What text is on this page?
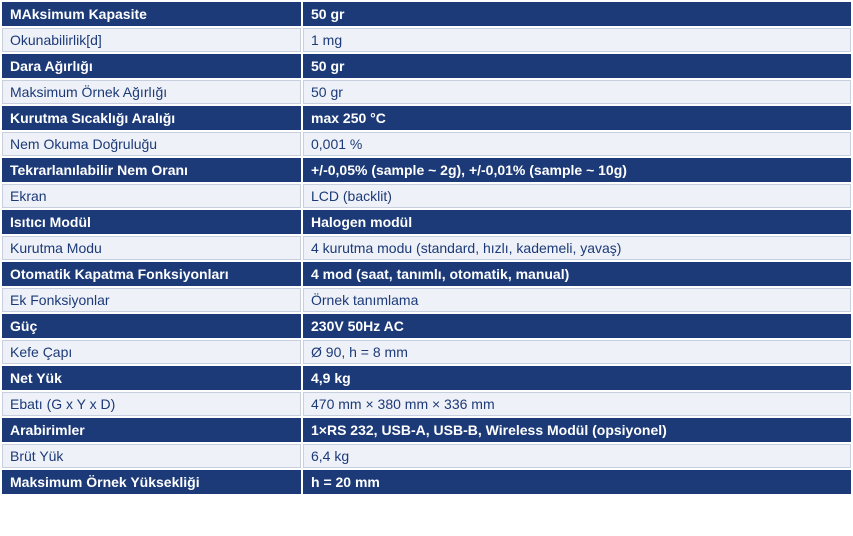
MAksimum Kapasite	50 gr
Okunabilirlik[d]	1 mg
Dara Ağırlığı	50 gr
Maksimum Örnek Ağırlığı	50 gr
Kurutma Sıcaklığı Aralığı	max 250 °C
Nem Okuma Doğruluğu	0,001 %
Tekrarlanılabilir Nem Oranı	+/-0,05% (sample ~ 2g), +/-0,01% (sample ~ 10g)
Ekran	LCD (backlit)
Isıtıcı Modül	Halogen modül
Kurutma Modu	4 kurutma modu (standard, hızlı, kademeli, yavaş)
Otomatik Kapatma Fonksiyonları	4 mod (saat, tanımlı, otomatik, manual)
Ek Fonksiyonlar	Örnek tanımlama
Güç	230V 50Hz AC
Kefe Çapı	Ø 90, h = 8 mm
Net Yük	4,9 kg
Ebatı (G x Y x D)	470 mm × 380 mm × 336 mm
Arabirimler	1×RS 232, USB-A, USB-B, Wireless Modül (opsiyonel)
Brüt Yük	6,4 kg
Maksimum Örnek Yüksekliği	h = 20 mm
